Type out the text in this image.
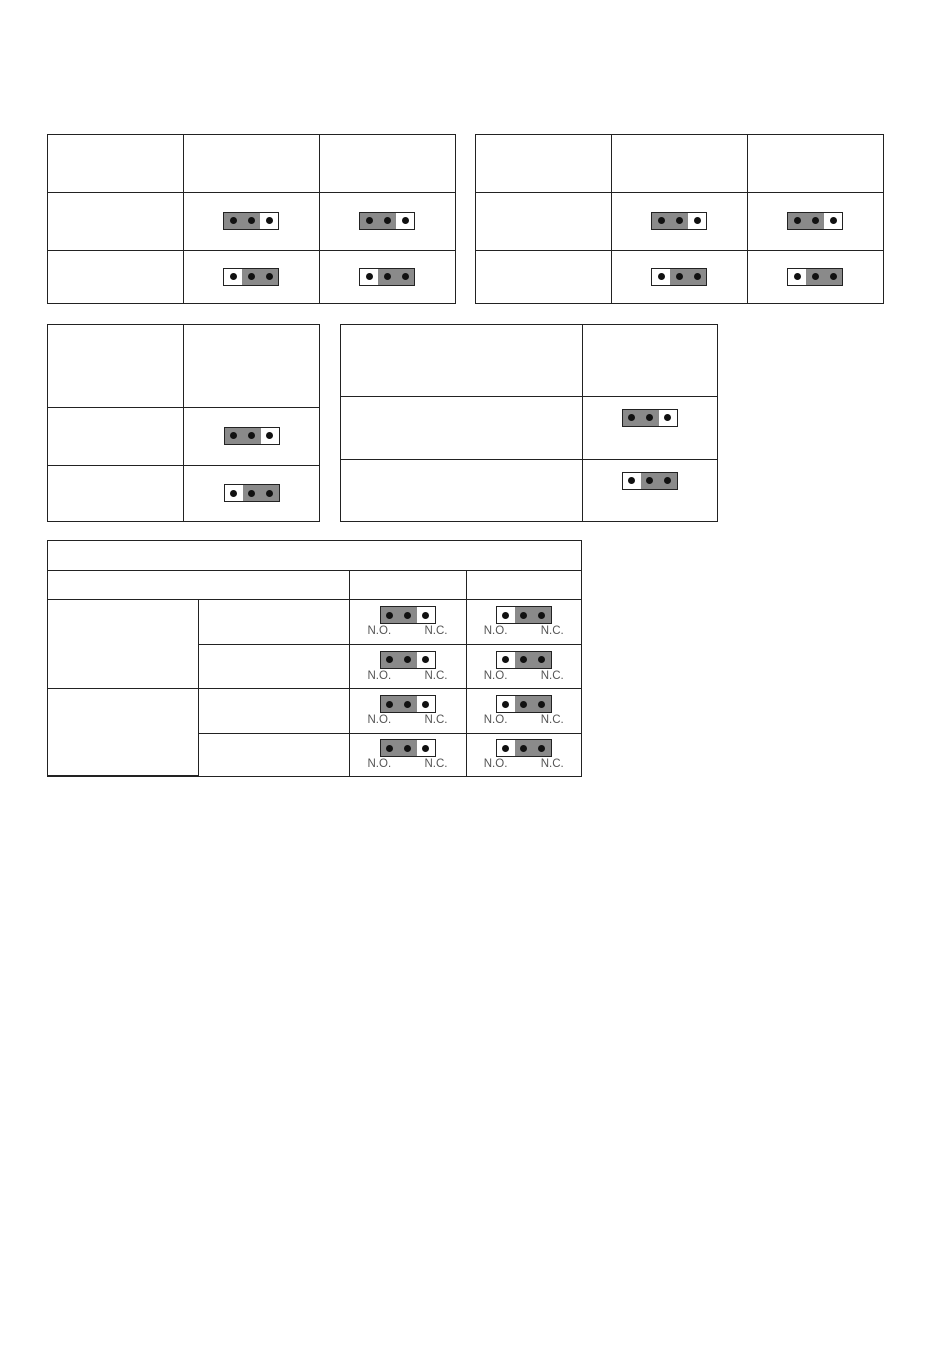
		N.O. N.C.	N.O. N.C.

		N.O. N.C.	N.O. N.C.

		N.O. N.C.	N.O. N.C.

		N.O. N.C.	N.O. N.C.
